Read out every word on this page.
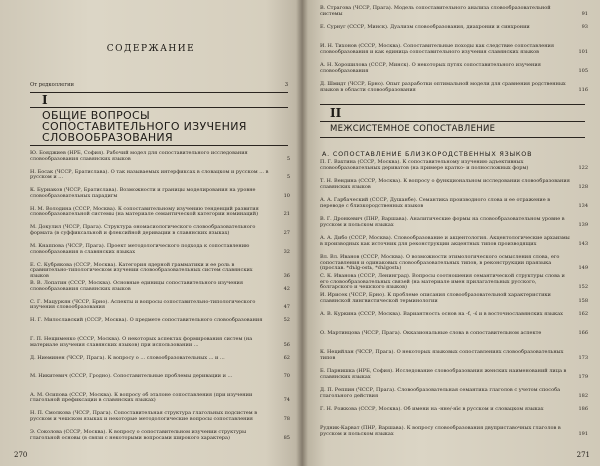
СОДЕРЖАНИЕ
От редколлегии	3
I
ОБЩИЕ ВОПРОСЫ
СОПОСТАВИТЕЛЬНОГО ИЗУЧЕНИЯ
СЛОВООБРАЗОВАНИЯ
Ю. Бояджиев (НРБ, София). Рабочий модел для сопоставительного исследования словообразования славянских языков	5
Н. Босак (ЧССР, Братислава). О так называемых интерфиксах в словацком и русском ... в русском и ...	5
К. Буриаков (ЧССР, Братислава). Возможности и границы моделирования на уровне словообразовательных парадигм	10
Н. М. Володина (СССР, Москва). К сопоставительному изучению тенденций развития словообразовательной системы (на материале семантической категории номинаций)	21
М. Докулил (ЧССР, Прага). Структура ономасиологического словообразовательного формата (в суффиксальной и флексийной деривации в славянских языках)	27
М. Кнаппова (ЧССР, Прага). Проект методологического подхода к сопоставлению словообразования в славянских языках	32
Е. С. Кубрякова (СССР, Москва). Категория ядерной грамматики и ее роль в сравнительно-типологическом изучении словообразовательных систем славянских языков	36
В. В. Лопатин (СССР, Москва). Основные единицы сопоставительного изучения словообразования славянских языков	42
С. Г. Мацуркян (ЧССР, Брно). Аспекты и вопросы сопоставительно-типологического изучения словообразования	47
Н. Г. Милославский (СССР, Москва). О предмете сопоставительного словообразования	52
Г. П. Нещименко (СССР, Москва). О некоторых аспектах формирования систем (на материале изучения славянских языков) при использовании ...	56
Д. Ниеминен (ЧССР, Прага). К вопросу о ... словообразовательных ... и ...	62
М. Никитевич (СССР, Гродно). Сопоставительные проблемы деривации и ...	70
А. М. Осипова (СССР, Москва). К вопросу об эталоне сопоставления (при изучении глагольной префиксации в славянских языках)	74
Н. П. Смолкова (ЧССР, Прага). Сопоставительная структура глагольных подсистем в русском и чешском языках и некоторые методологические вопросы сопоставления	78
Э. Соколова (СССР, Москва). К вопросу о сопоставительном изучении структуры глагольной основы (в связи с некоторыми вопросами широкого характера)	85
270
В. Страгова (ЧССР, Прага). Модель сопоставительного анализа словообразовательной системы	91
Е. Сурнуг (СССР, Минск). Дуализм словообразования, диахронии и синхронии	93
И. Н. Тихонов (СССР, Москва). Сопоставительные походы как следствие сопоставления словообразования и как единица сопоставительного изучения славянских языков	101
А. Н. Хорошилова (СССР, Минск). О некоторых путях сопоставительного изучения словообразования	105
Д. Шмидт (ЧССР, Брно). Опыт разработки оптимальной модели для сравнения родственных языков в области словообразования	116
II
МЕЖСИСТЕМНОЕ СОПОСТАВЛЕНИЕ
А. СОПОСТАВЛЕНИЕ БЛИЗКОРОДСТВЕННЫХ ЯЗЫКОВ
П. Г. Вахтина (СССР, Москва). К сопоставительному изучению адъективных словообразовательных дериватов (на примере кратко- и полносложных форм)	122
Т. Н. Вендина (СССР, Москва). К вопросу о функциональном исследовании словообразования славянских языков	128
А. А. Гарбаческий (СССР, Душанбе). Семантика производного слова и ее отражение в переводе с близкородственных языков	134
В. Г. Дронкевич (ПНР, Варшава). Аналитические формы на словообразовательном уровне в русском и польском языках	139
А. А. Дибо (СССР, Москва). Словообразование и акцентология. Акцентологические архаизмы в производных как источник для реконструкции акцентных типов производящих	143
Вл. Вл. Иванов (СССР, Москва). О возможности этимологического осмысления слова, его сопоставления и одинаковых словообразовательных типов, в реконструкции праязыка (прослав. *dъlg-ostь, *dъlgostь)	149
С. К. Иванова (СССР, Ленинград). Вопросы соотношения семантической структуры слова и его словообразовательных связей (на материале имен прилагательных русского, болгарского и чешского языков)	152
И. Ирисек (ЧССР, Брно). К проблеме описания словообразовательной характеристики славянской лингвистической терминологии	158
А. В. Куркина (СССР, Москва). Вариантность основ на -ť, -ś и в восточнославянских языках	162
О. Мартинцова (ЧССР, Прага). Окказиональные слова в сопоставительном аспекте	166
К. Нецийлан (ЧССР, Прага). О некоторых языковых сопоставлениях словообразовательных типов	173
Б. Парнишка (НРБ, София). Исследование словообразования женских наименований лица в славянских языках	179
Д. П. Реппин (ЧССР, Прага). Словообразовательная семантика глаголов с учетом способа глагольного действия	182
Г. Н. Рожкова (СССР, Москва). Об имени на -нне/-нїє в русском и словацком языках	186
Рудник-Карват (ПНР, Варшава). К вопросу словообразования двуприставочных глаголов в русском и польском языках	191
271
